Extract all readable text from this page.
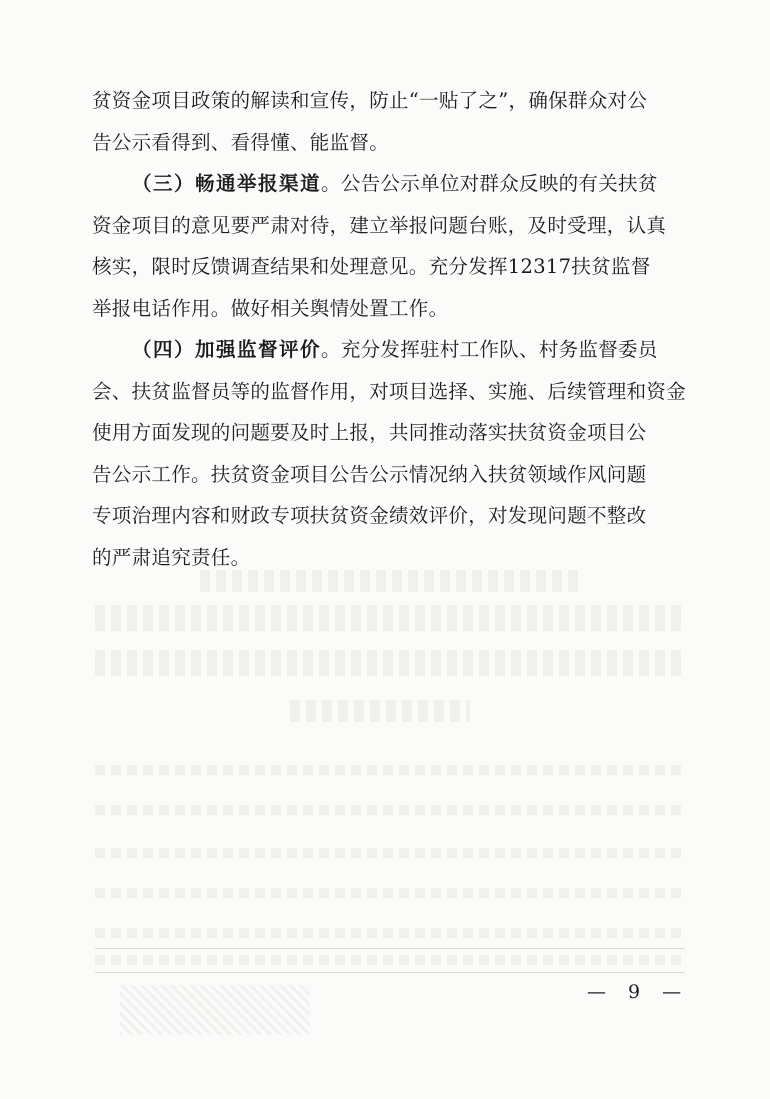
贫资金项目政策的解读和宣传，防止“一贴了之”，确保群众对公
告公示看得到、看得懂、能监督。
（三）畅通举报渠道。公告公示单位对群众反映的有关扶贫
资金项目的意见要严肃对待，建立举报问题台账，及时受理，认真
核实，限时反馈调查结果和处理意见。充分发挥12317扶贫监督
举报电话作用。做好相关舆情处置工作。
（四）加强监督评价。充分发挥驻村工作队、村务监督委员
会、扶贫监督员等的监督作用，对项目选择、实施、后续管理和资金
使用方面发现的问题要及时上报，共同推动落实扶贫资金项目公
告公示工作。扶贫资金项目公告公示情况纳入扶贫领域作风问题
专项治理内容和财政专项扶贫资金绩效评价，对发现问题不整改
的严肃追究责任。
— 9 —
